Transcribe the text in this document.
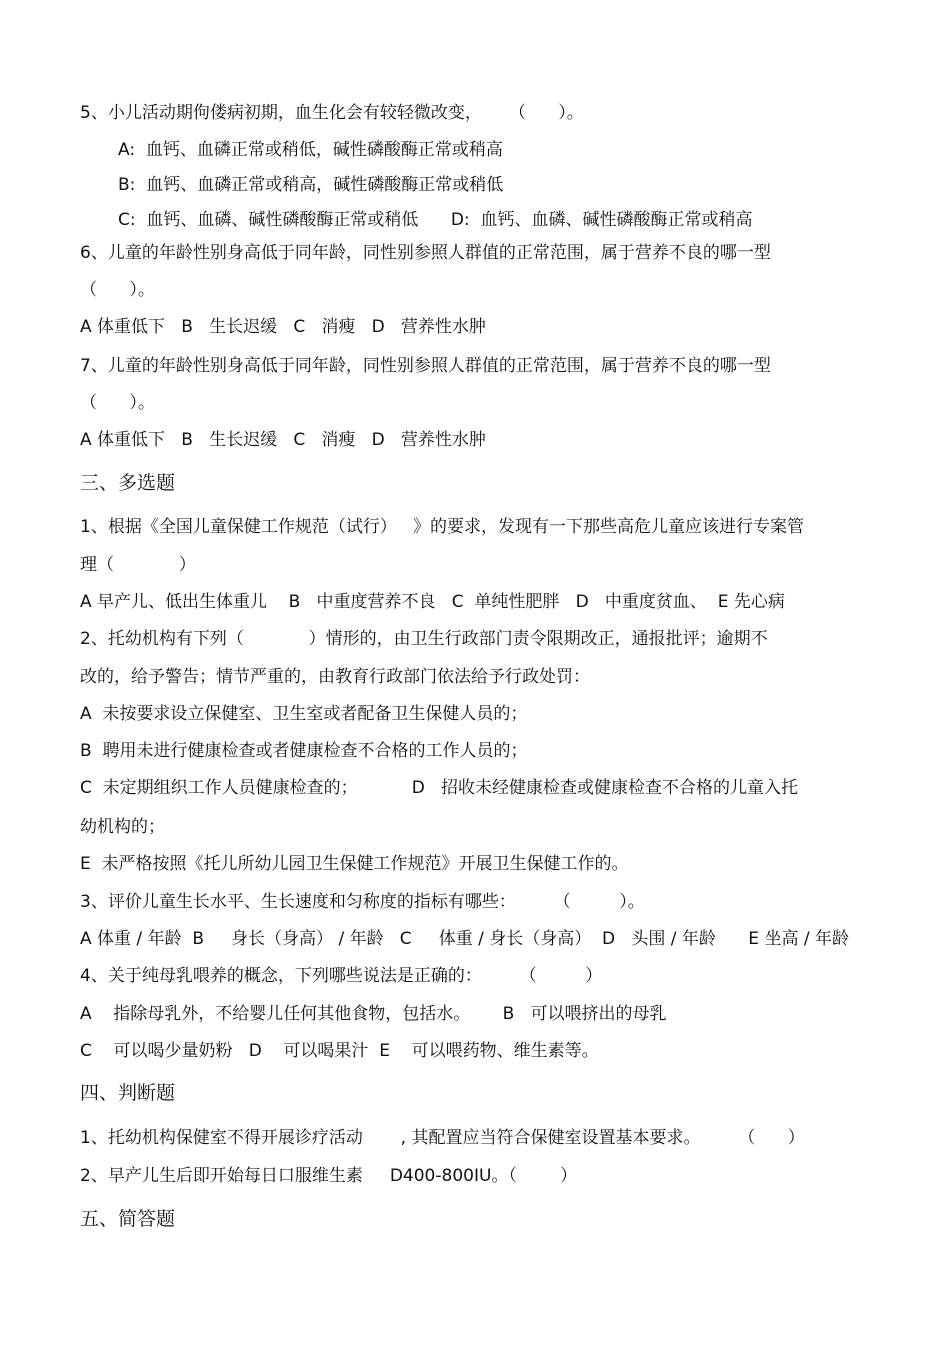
5、小儿活动期佝偻病初期，血生化会有较轻微改变，     （      ）。
A:  血钙、血磷正常或稍低，碱性磷酸酶正常或稍高
B:  血钙、血磷正常或稍高，碱性磷酸酶正常或稍低
C:  血钙、血磷、碱性磷酸酶正常或稍低      D:  血钙、血磷、碱性磷酸酶正常或稍高
6、儿童的年龄性别身高低于同年龄，同性别参照人群值的正常范围，属于营养不良的哪一型
（      ）。
A 体重低下   B   生长迟缓   C   消瘦   D   营养性水肿
7、儿童的年龄性别身高低于同年龄，同性别参照人群值的正常范围，属于营养不良的哪一型
（      ）。
A 体重低下   B   生长迟缓   C   消瘦   D   营养性水肿
三、多选题
1、根据《全国儿童保健工作规范（试行）   》的要求，发现有一下那些高危儿童应该进行专案管
理（            ）
A 早产儿、低出生体重儿    B   中重度营养不良   C  单纯性肥胖   D   中重度贫血、  E 先心病
2、托幼机构有下列（            ）情形的，由卫生行政部门责令限期改正，通报批评；逾期不
改的，给予警告；情节严重的，由教育行政部门依法给予行政处罚：
A  未按要求设立保健室、卫生室或者配备卫生保健人员的；
B  聘用未进行健康检查或者健康检查不合格的工作人员的；
C  未定期组织工作人员健康检查的；          D   招收未经健康检查或健康检查不合格的儿童入托
幼机构的；
E  未严格按照《托儿所幼儿园卫生保健工作规范》开展卫生保健工作的。
3、评价儿童生长水平、生长速度和匀称度的指标有哪些：       （         ）。
A 体重 / 年龄  B     身长（身高） / 年龄   C     体重 / 身长（身高）  D   头围 / 年龄      E 坐高 / 年龄
4、关于纯母乳喂养的概念，下列哪些说法是正确的：       （         ）
A    指除母乳外，不给婴儿任何其他食物，包括水。      B   可以喂挤出的母乳
C    可以喝少量奶粉   D    可以喝果汁  E    可以喂药物、维生素等。
四、判断题
1、托幼机构保健室不得开展诊疗活动       , 其配置应当符合保健室设置基本要求。       （      ）
2、早产儿生后即开始每日口服维生素     D400-800IU。（        ）
五、简答题
